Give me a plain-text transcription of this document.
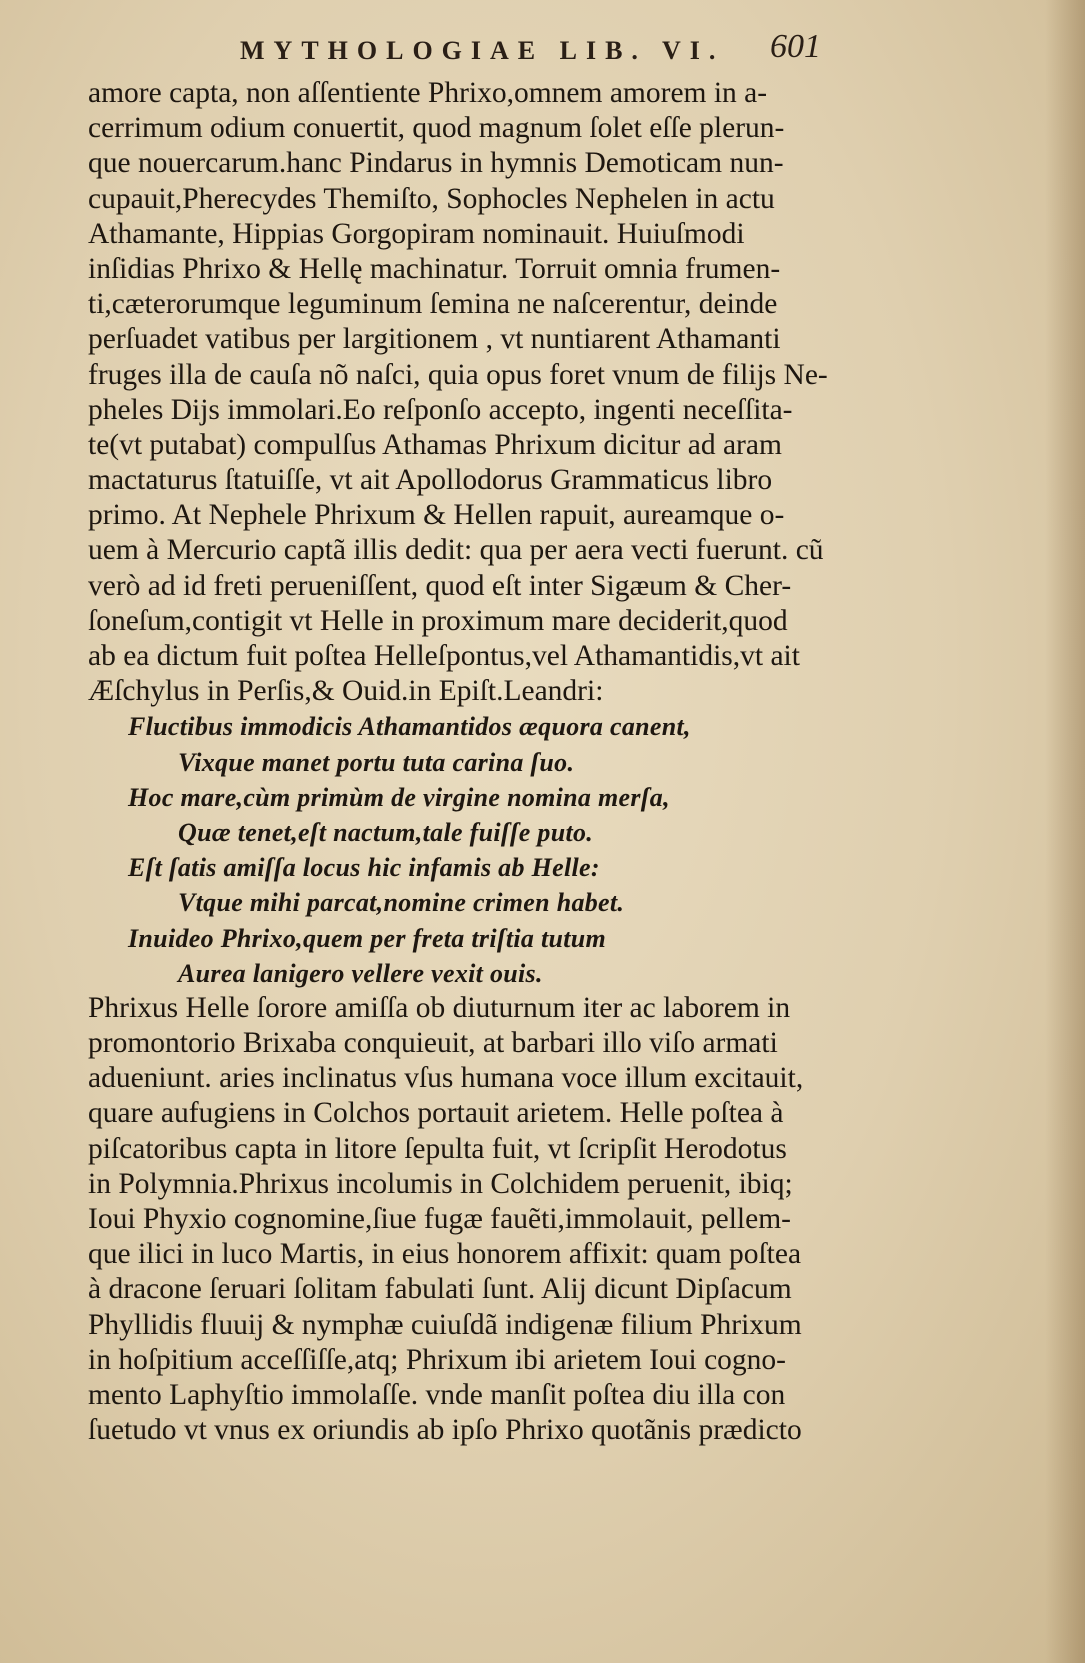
MYTHOLOGIAE LIB. VI.	601
amore capta, non aſſentiente Phrixo,omnem amorem in a-
cerrimum odium conuertit, quod magnum ſolet eſſe plerun-
que nouercarum.hanc Pindarus in hymnis Demoticam nun-
cupauit,Pherecydes Themiſto, Sophocles Nephelen in actu
Athamante, Hippias Gorgopiram nominauit. Huiuſmodi
inſidias Phrixo & Hellę machinatur. Torruit omnia frumen-
ti,cæterorumque leguminum ſemina ne naſcerentur, deinde
perſuadet vatibus per largitionem , vt nuntiarent Athamanti
fruges illa de cauſa nõ naſci, quia opus foret vnum de filijs Ne-
pheles Dijs immolari.Eo reſponſo accepto, ingenti neceſſita-
te(vt putabat) compulſus Athamas Phrixum dicitur ad aram
mactaturus ſtatuiſſe, vt ait Apollodorus Grammaticus libro
primo. At Nephele Phrixum & Hellen rapuit, aureamque o-
uem à Mercurio captã illis dedit: qua per aera vecti fuerunt. cũ
verò ad id freti perueniſſent, quod eſt inter Sigæum & Cher-
ſoneſum,contigit vt Helle in proximum mare deciderit,quod
ab ea dictum fuit poſtea Helleſpontus,vel Athamantidis,vt ait
Æſchylus in Perſis,& Ouid.in Epiſt.Leandri:
Fluctibus immodicis Athamantidos æquora canent,
Vixque manet portu tuta carina ſuo.
Hoc mare,cùm primùm de virgine nomina merſa,
Quæ tenet,eſt nactum,tale fuiſſe puto.
Eſt ſatis amiſſa locus hic infamis ab Helle:
Vtque mihi parcat,nomine crimen habet.
Inuideo Phrixo,quem per freta triſtia tutum
Aurea lanigero vellere vexit ouis.
Phrixus Helle ſorore amiſſa ob diuturnum iter ac laborem in
promontorio Brixaba conquieuit, at barbari illo viſo armati
adueniunt. aries inclinatus vſus humana voce illum excitauit,
quare aufugiens in Colchos portauit arietem. Helle poſtea à
piſcatoribus capta in litore ſepulta fuit, vt ſcripſit Herodotus
in Polymnia.Phrixus incolumis in Colchidem peruenit, ibiq;
Ioui Phyxio cognomine,ſiue fugæ fauẽti,immolauit, pellem-
que ilici in luco Martis, in eius honorem affixit: quam poſtea
à dracone ſeruari ſolitam fabulati ſunt. Alij dicunt Dipſacum
Phyllidis fluuij & nymphæ cuiuſdã indigenæ filium Phrixum
in hoſpitium acceſſiſſe,atq; Phrixum ibi arietem Ioui cogno-
mento Laphyſtio immolaſſe. vnde manſit poſtea diu illa con
ſuetudo vt vnus ex oriundis ab ipſo Phrixo quotãnis prædicto
